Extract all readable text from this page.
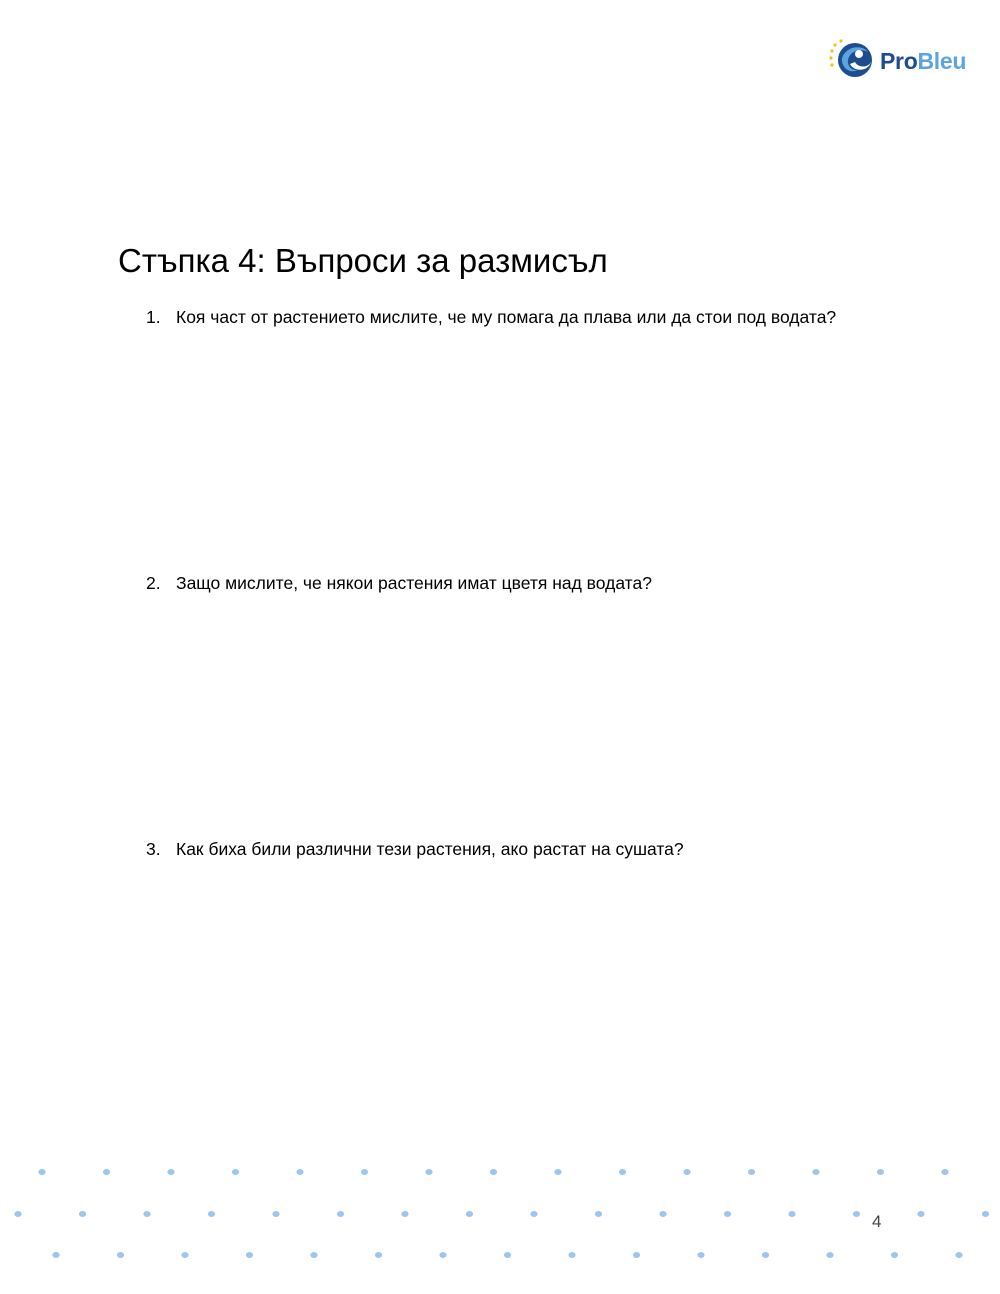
ProBleu
Стъпка 4: Въпроси за размисъл
1. Коя част от растението мислите, че му помага да плава или да стои под водата?
2. Защо мислите, че някои растения имат цветя над водата?
3. Как биха били различни тези растения, ако растат на сушата?
4
